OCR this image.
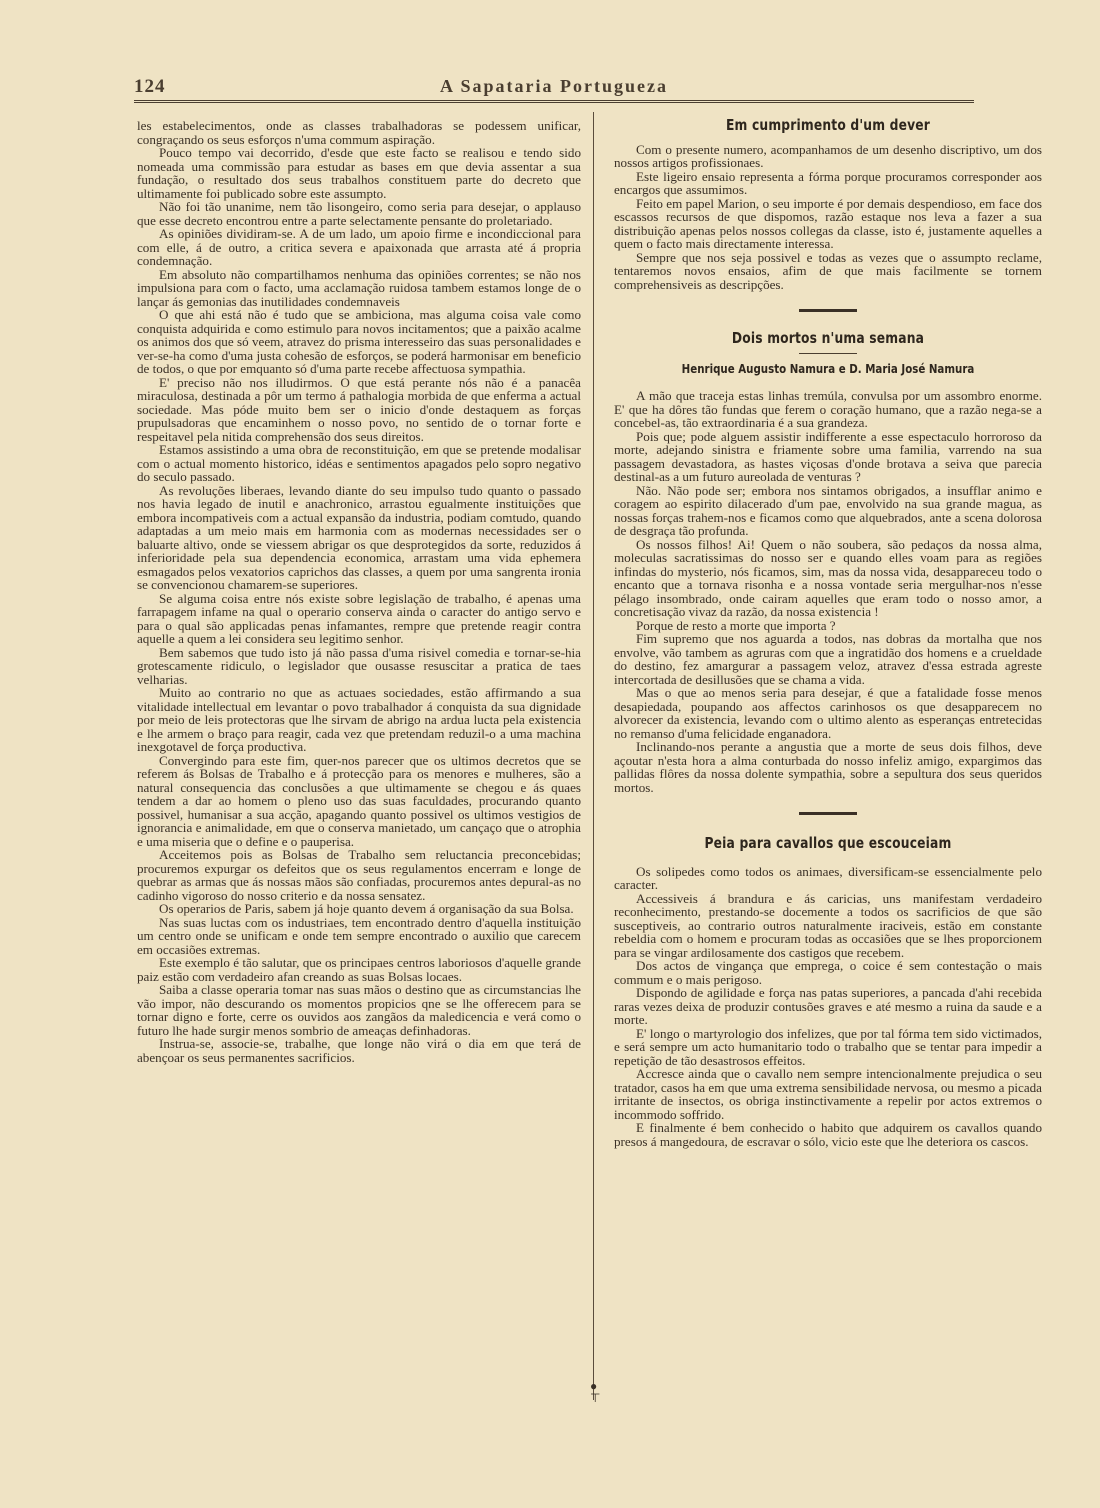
124	A Sapataria Portugueza

les estabelecimentos, onde as classes trabalhadoras se podessem unificar, congraçando os seus esforços n'uma commum aspiração.

Pouco tempo vai decorrido, d'esde que este facto se realisou e tendo sido nomeada uma commissão para estudar as bases em que devia assentar a sua fundação, o resultado dos seus trabalhos constituem parte do decreto que ultimamente foi publicado sobre este assumpto.

Não foi tão unanime, nem tão lisongeiro, como seria para desejar, o applauso que esse decreto encontrou entre a parte selectamente pensante do proletariado.

As opiniões dividiram-se. A de um lado, um apoio firme e incondiccional para com elle, á de outro, a critica severa e apaixonada que arrasta até á propria condemnação.

Em absoluto não compartilhamos nenhuma das opiniões correntes; se não nos impulsiona para com o facto, uma acclamação ruidosa tambem estamos longe de o lançar ás gemonias das inutilidades condemnaveis

O que ahi está não é tudo que se ambiciona, mas alguma coisa vale como conquista adquirida e como estimulo para novos incitamentos; que a paixão acalme os animos dos que só veem, atravez do prisma interesseiro das suas personalidades e ver-se-ha como d'uma justa cohesão de esforços, se poderá harmonisar em beneficio de todos, o que por emquanto só d'uma parte recebe affectuosa sympathia.

E' preciso não nos illudirmos. O que está perante nós não é a panacêa miraculosa, destinada a pôr um termo á pathalogia morbida de que enferma a actual sociedade. Mas póde muito bem ser o inicio d'onde destaquem as forças prupulsadoras que encaminhem o nosso povo, no sentido de o tornar forte e respeitavel pela nitida comprehensão dos seus direitos.

Estamos assistindo a uma obra de reconstituição, em que se pretende modalisar com o actual momento historico, idéas e sentimentos apagados pelo sopro negativo do seculo passado.

As revoluções liberaes, levando diante do seu impulso tudo quanto o passado nos havia legado de inutil e anachronico, arrastou egualmente instituições que embora incompativeis com a actual expansão da industria, podiam comtudo, quando adaptadas a um meio mais em harmonia com as modernas necessidades ser o baluarte altivo, onde se viessem abrigar os que desprotegidos da sorte, reduzidos á inferioridade pela sua dependencia economica, arrastam uma vida ephemera esmagados pelos vexatorios caprichos das classes, a quem por uma sangrenta ironia se convencionou chamarem-se superiores.

Se alguma coisa entre nós existe sobre legislação de trabalho, é apenas uma farrapagem infame na qual o operario conserva ainda o caracter do antigo servo e para o qual são applicadas penas infamantes, rempre que pretende reagir contra aquelle a quem a lei considera seu legitimo senhor.

Bem sabemos que tudo isto já não passa d'uma risivel comedia e tornar-se-hia grotescamente ridiculo, o legislador que ousasse resuscitar a pratica de taes velharias.

Muito ao contrario no que as actuaes sociedades, estão affirmando a sua vitalidade intellectual em levantar o povo trabalhador á conquista da sua dignidade por meio de leis protectoras que lhe sirvam de abrigo na ardua lucta pela existencia e lhe armem o braço para reagir, cada vez que pretendam reduzil-o a uma machina inexgotavel de força productiva.

Convergindo para este fim, quer-nos parecer que os ultimos decretos que se referem ás Bolsas de Trabalho e á protecção para os menores e mulheres, são a natural consequencia das conclusões a que ultimamente se chegou e ás quaes tendem a dar ao homem o pleno uso das suas faculdades, procurando quanto possivel, humanisar a sua acção, apagando quanto possivel os ultimos vestigios de ignorancia e animalidade, em que o conserva manietado, um cançaço que o atrophia e uma miseria que o define e o pauperisa.

Acceitemos pois as Bolsas de Trabalho sem reluctancia preconcebidas; procuremos expurgar os defeitos que os seus regulamentos encerram e longe de quebrar as armas que ás nossas mãos são confiadas, procuremos antes depural-as no cadinho vigoroso do nosso criterio e da nossa sensatez.

Os operarios de Paris, sabem já hoje quanto devem á organisação da sua Bolsa.

Nas suas luctas com os industriaes, tem encontrado dentro d'aquella instituição um centro onde se unificam e onde tem sempre encontrado o auxilio que carecem em occasiões extremas.

Este exemplo é tão salutar, que os principaes centros laboriosos d'aquelle grande paiz estão com verdadeiro afan creando as suas Bolsas locaes.

Saiba a classe operaria tomar nas suas mãos o destino que as circumstancias lhe vão impor, não descurando os momentos propicios qne se lhe offerecem para se tornar digno e forte, cerre os ouvidos aos zangãos da maledicencia e verá como o futuro lhe hade surgir menos sombrio de ameaças definhadoras.

Instrua-se, associe-se, trabalhe, que longe não virá o dia em que terá de abençoar os seus permanentes sacrificios.

Em cumprimento d'um dever

Com o presente numero, acompanhamos de um desenho discriptivo, um dos nossos artigos profissionaes.

Este ligeiro ensaio representa a fórma porque procuramos corresponder aos encargos que assumimos.

Feito em papel Marion, o seu importe é por demais despendioso, em face dos escassos recursos de que dispomos, razão estaque nos leva a fazer a sua distribuição apenas pelos nossos collegas da classe, isto é, justamente aquelles a quem o facto mais directamente interessa.

Sempre que nos seja possivel e todas as vezes que o assumpto reclame, tentaremos novos ensaios, afim de que mais facilmente se tornem comprehensiveis as descripções.

Dois mortos n'uma semana
Henrique Augusto Namura e D. Maria José Namura

A mão que traceja estas linhas tremúla, convulsa por um assombro enorme. E' que ha dôres tão fundas que ferem o coração humano, que a razão nega-se a concebel-as, tão extraordinaria é a sua grandeza.

Pois que; pode alguem assistir indifferente a esse espectaculo horroroso da morte, adejando sinistra e friamente sobre uma familia, varrendo na sua passagem devastadora, as hastes viçosas d'onde brotava a seiva que parecia destinal-as a um futuro aureolada de venturas ?

Não. Não pode ser; embora nos sintamos obrigados, a insufflar animo e coragem ao espirito dilacerado d'um pae, envolvido na sua grande magua, as nossas forças trahem-nos e ficamos como que alquebrados, ante a scena dolorosa de desgraça tão profunda.

Os nossos filhos! Ai! Quem o não soubera, são pedaços da nossa alma, moleculas sacratissimas do nosso ser e quando elles voam para as regiões infindas do mysterio, nós ficamos, sim, mas da nossa vida, desappareceu todo o encanto que a tornava risonha e a nossa vontade seria mergulhar-nos n'esse pélago insombrado, onde cairam aquelles que eram todo o nosso amor, a concretisação vivaz da razão, da nossa existencia !

Porque de resto a morte que importa ?

Fim supremo que nos aguarda a todos, nas dobras da mortalha que nos envolve, vão tambem as agruras com que a ingratidão dos homens e a crueldade do destino, fez amargurar a passagem veloz, atravez d'essa estrada agreste intercortada de desillusões que se chama a vida.

Mas o que ao menos seria para desejar, é que a fatalidade fosse menos desapiedada, poupando aos affectos carinhosos os que desapparecem no alvorecer da existencia, levando com o ultimo alento as esperanças entretecidas no remanso d'uma felicidade enganadora.

Inclinando-nos perante a angustia que a morte de seus dois filhos, deve açoutar n'esta hora a alma conturbada do nosso infeliz amigo, expargimos das pallidas flôres da nossa dolente sympathia, sobre a sepultura dos seus queridos mortos.

Peia para cavallos que escouceiam

Os solipedes como todos os animaes, diversificam-se essencialmente pelo caracter.

Accessiveis á brandura e ás caricias, uns manifestam verdadeiro reconhecimento, prestando-se docemente a todos os sacrificios de que são susceptiveis, ao contrario outros naturalmente iraciveis, estão em constante rebeldia com o homem e procuram todas as occasiões que se lhes proporcionem para se vingar ardilosamente dos castigos que recebem.

Dos actos de vingança que emprega, o coice é sem contestação o mais commum e o mais perigoso.

Dispondo de agilidade e força nas patas superiores, a pancada d'ahi recebida raras vezes deixa de produzir contusões graves e até mesmo a ruina da saude e a morte.

E' longo o martyrologio dos infelizes, que por tal fórma tem sido victimados, e será sempre um acto humanitario todo o trabalho que se tentar para impedir a repetição de tão desastrosos effeitos.

Accresce ainda que o cavallo nem sempre intencionalmente prejudica o seu tratador, casos ha em que uma extrema sensibilidade nervosa, ou mesmo a picada irritante de insectos, os obriga instinctivamente a repelir por actos extremos o incommodo soffrido.

E finalmente é bem conhecido o habito que adquirem os cavallos quando presos á mangedoura, de escravar o sólo, vicio este que lhe deteriora os cascos.

●
⊤
